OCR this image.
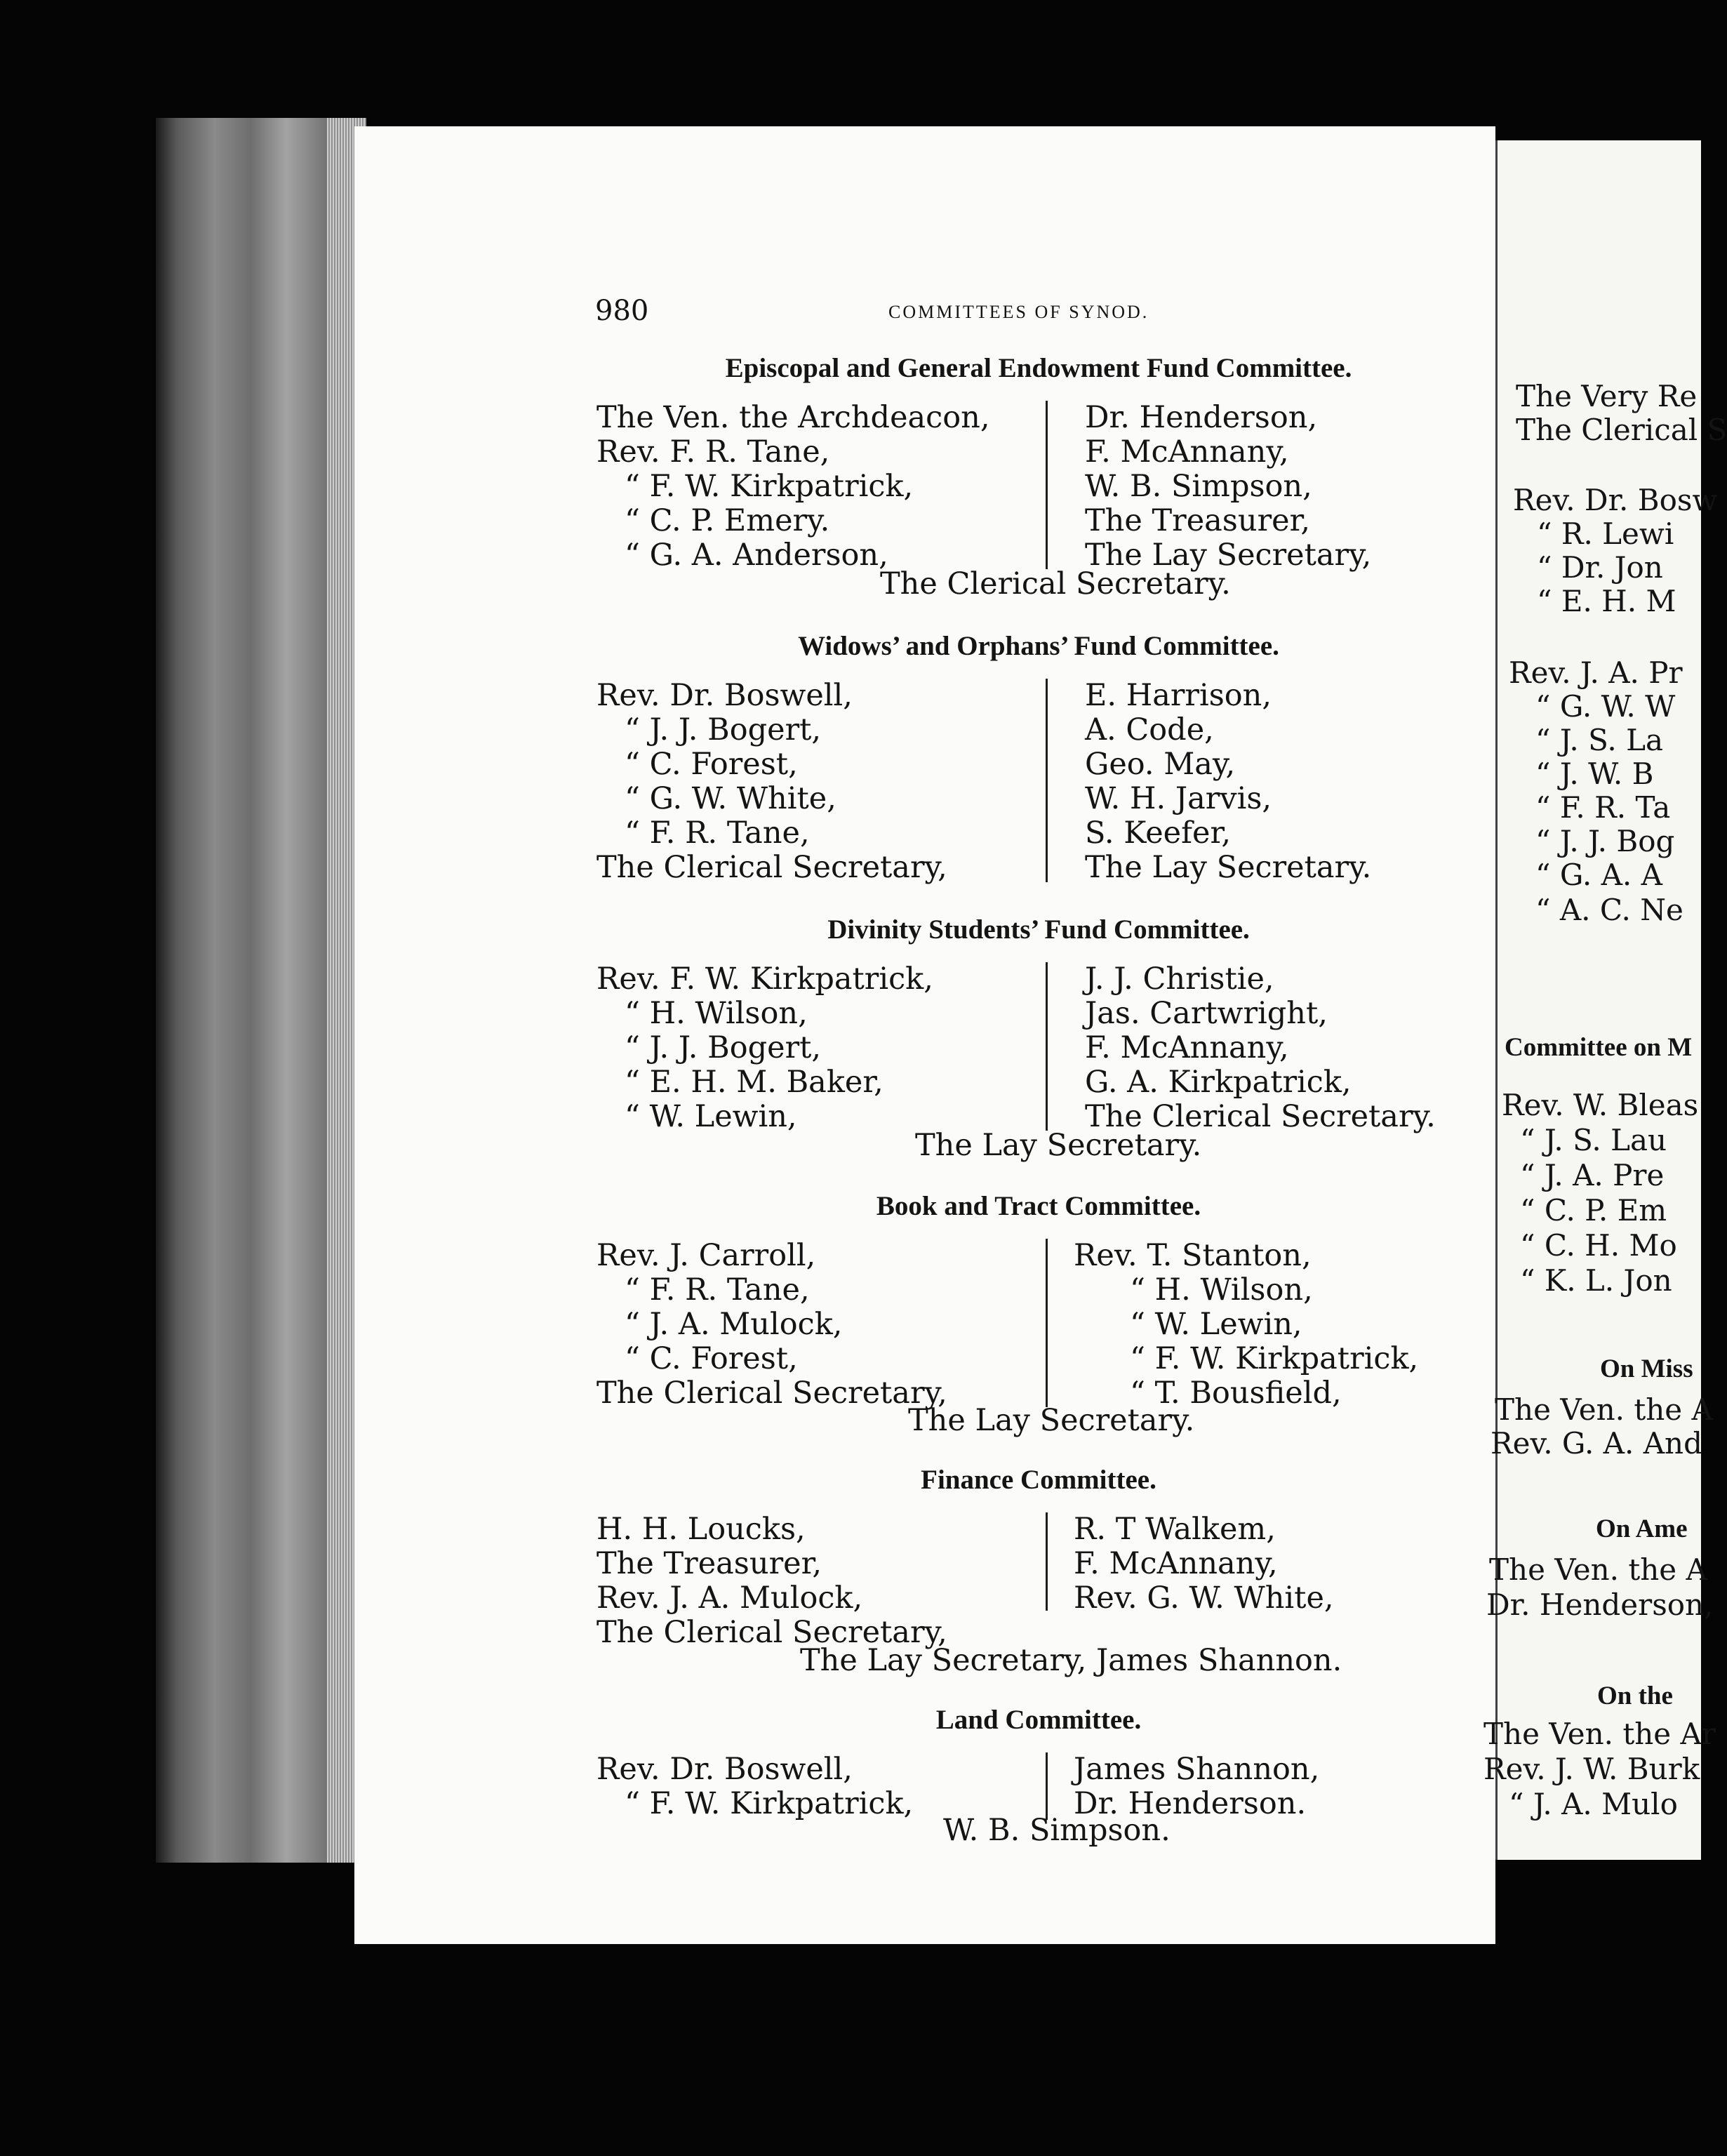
980	COMMITTEES OF SYNOD.
Episcopal and General Endowment Fund Committee.
The Ven. the Archdeacon,
Rev. F. R. Tane,
“ F. W. Kirkpatrick,
“ C. P. Emery.
“ G. A. Anderson,
Dr. Henderson,
F. McAnnany,
W. B. Simpson,
The Treasurer,
The Lay Secretary,
The Clerical Secretary.
Widows’ and Orphans’ Fund Committee.
Rev. Dr. Boswell,
“ J. J. Bogert,
“ C. Forest,
“ G. W. White,
“ F. R. Tane,
The Clerical Secretary,
E. Harrison,
A. Code,
Geo. May,
W. H. Jarvis,
S. Keefer,
The Lay Secretary.
Divinity Students’ Fund Committee.
Rev. F. W. Kirkpatrick,
“ H. Wilson,
“ J. J. Bogert,
“ E. H. M. Baker,
“ W. Lewin,
J. J. Christie,
Jas. Cartwright,
F. McAnnany,
G. A. Kirkpatrick,
The Clerical Secretary.
The Lay Secretary.
Book and Tract Committee.
Rev. J. Carroll,
“ F. R. Tane,
“ J. A. Mulock,
“ C. Forest,
The Clerical Secretary,
Rev. T. Stanton,
“ H. Wilson,
“ W. Lewin,
“ F. W. Kirkpatrick,
“ T. Bousfield,
The Lay Secretary.
Finance Committee.
H. H. Loucks,
The Treasurer,
Rev. J. A. Mulock,
The Clerical Secretary,
R. T Walkem,
F. McAnnany,
Rev. G. W. White,
The Lay Secretary, James Shannon.
Land Committee.
Rev. Dr. Boswell,
“ F. W. Kirkpatrick,
James Shannon,
Dr. Henderson.
W. B. Simpson.
The Very Re
The Clerical S
Rev. Dr. Bosw
“ R. Lewi
“ Dr. Jon
“ E. H. M
Rev. J. A. Pr
“ G. W. W
“ J. S. La
“ J. W. B
“ F. R. Ta
“ J. J. Bog
“ G. A. A
“ A. C. Ne
Committee on M
Rev. W. Bleas
“ J. S. Lau
“ J. A. Pre
“ C. P. Em
“ C. H. Mo
“ K. L. Jon
On Miss
The Ven. the A
Rev. G. A. And
On Ame
The Ven. the A
Dr. Henderson,
On the
The Ven. the Ar
Rev. J. W. Burk
“ J. A. Mulo
